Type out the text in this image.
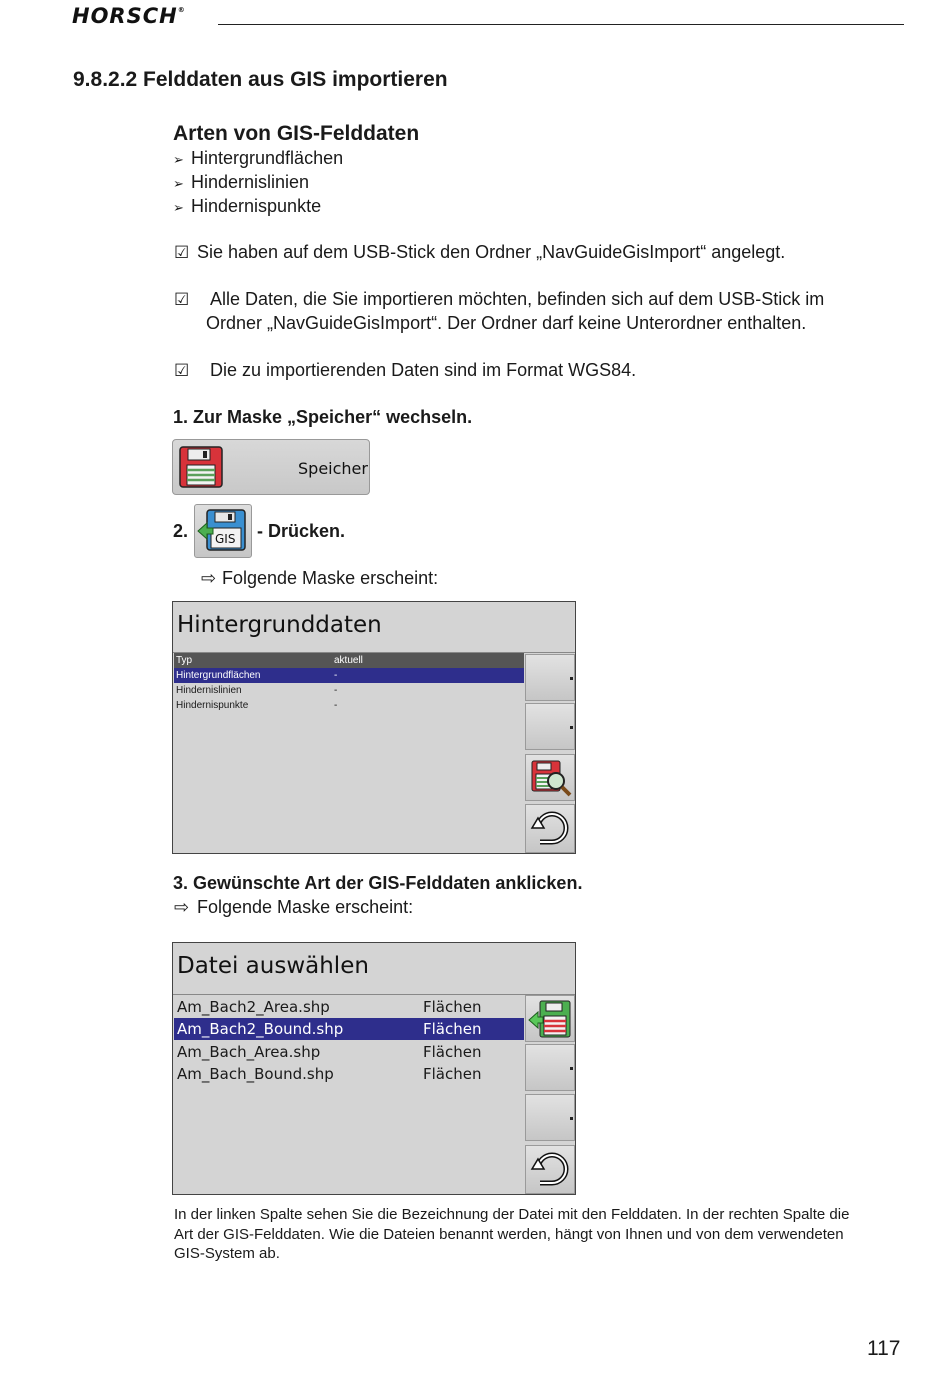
HORSCH®
9.8.2.2 Felddaten aus GIS importieren
Arten von GIS-Felddaten
➢ Hintergrundflächen
➢ Hindernislinien
➢ Hindernispunkte
☑ Sie haben auf dem USB-Stick den Ordner „NavGuideGisImport“ angelegt.
☑ Alle Daten, die Sie importieren möchten, befinden sich auf dem USB-Stick im
Ordner „NavGuideGisImport“. Der Ordner darf keine Unterordner enthalten.
☑ Die zu importierenden Daten sind im Format WGS84.
1. Zur Maske „Speicher“ wechseln.
Speicher
2. GIS - Drücken.
⇨ Folgende Maske erscheint:
Hintergrunddaten
Typ	aktuell
Hintergrundflächen	-
Hindernislinien	-
Hindernispunkte	-
3. Gewünschte Art der GIS-Felddaten anklicken.
⇨ Folgende Maske erscheint:
Datei auswählen
Am_Bach2_Area.shp	Flächen
Am_Bach2_Bound.shp	Flächen
Am_Bach_Area.shp	Flächen
Am_Bach_Bound.shp	Flächen
In der linken Spalte sehen Sie die Bezeichnung der Datei mit den Felddaten. In der rechten Spalte die
Art der GIS-Felddaten. Wie die Dateien benannt werden, hängt von Ihnen und von dem verwendeten
GIS-System ab.
117
